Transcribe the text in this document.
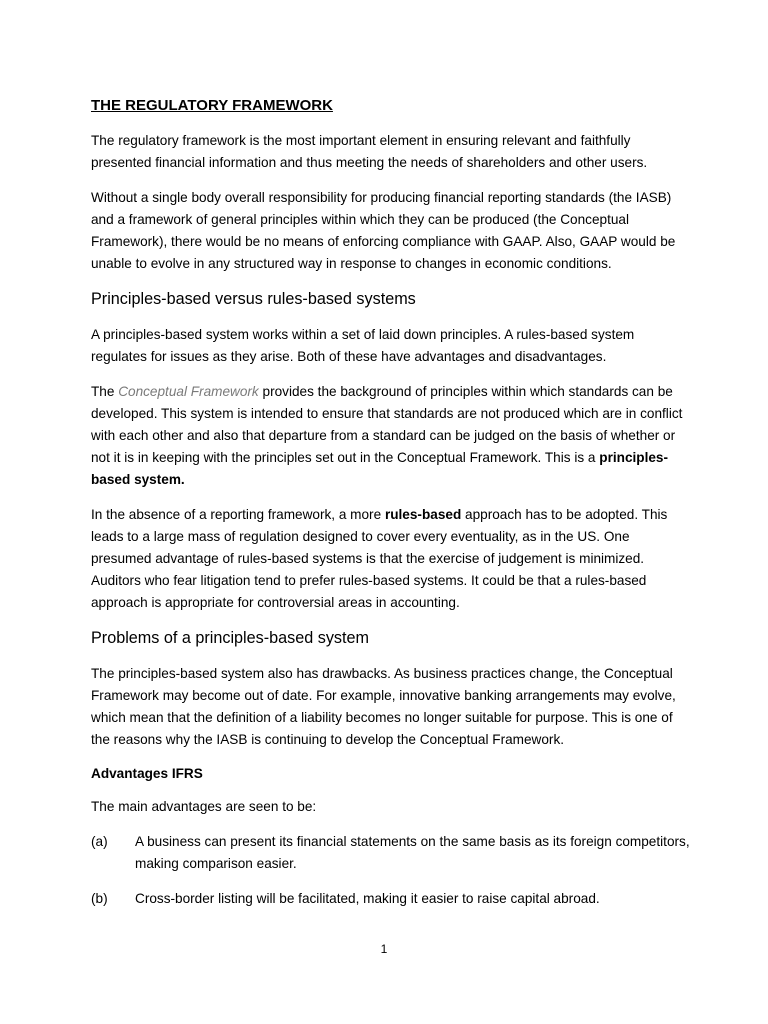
THE REGULATORY FRAMEWORK

The regulatory framework is the most important element in ensuring relevant and faithfully presented financial information and thus meeting the needs of shareholders and other users.

Without a single body overall responsibility for producing financial reporting standards (the IASB) and a framework of general principles within which they can be produced (the Conceptual Framework), there would be no means of enforcing compliance with GAAP. Also, GAAP would be unable to evolve in any structured way in response to changes in economic conditions.

Principles-based versus rules-based systems

A principles-based system works within a set of laid down principles. A rules-based system regulates for issues as they arise. Both of these have advantages and disadvantages.

The Conceptual Framework provides the background of principles within which standards can be developed. This system is intended to ensure that standards are not produced which are in conflict with each other and also that departure from a standard can be judged on the basis of whether or not it is in keeping with the principles set out in the Conceptual Framework. This is a principles-based system.

In the absence of a reporting framework, a more rules-based approach has to be adopted. This leads to a large mass of regulation designed to cover every eventuality, as in the US. One presumed advantage of rules-based systems is that the exercise of judgement is minimized. Auditors who fear litigation tend to prefer rules-based systems. It could be that a rules-based approach is appropriate for controversial areas in accounting.

Problems of a principles-based system

The principles-based system also has drawbacks. As business practices change, the Conceptual Framework may become out of date. For example, innovative banking arrangements may evolve, which mean that the definition of a liability becomes no longer suitable for purpose. This is one of the reasons why the IASB is continuing to develop the Conceptual Framework.

Advantages IFRS

The main advantages are seen to be:

(a)	A business can present its financial statements on the same basis as its foreign competitors, making comparison easier.
(b)	Cross-border listing will be facilitated, making it easier to raise capital abroad.
1
